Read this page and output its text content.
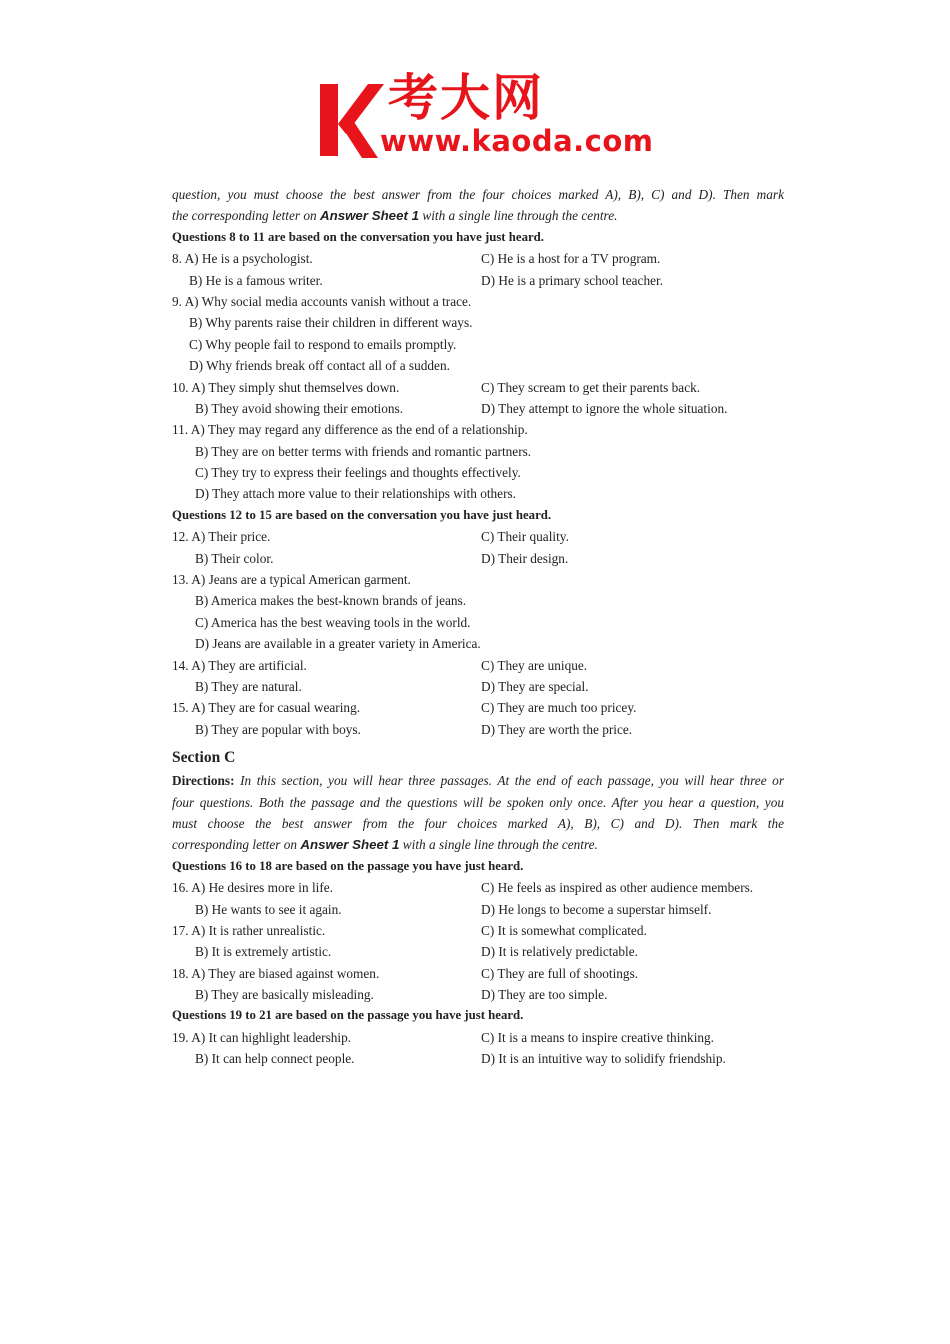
考大网
www.kaoda.com
question, you must choose the best answer from the four choices marked A), B), C) and D). Then mark
the corresponding letter on Answer Sheet 1 with a single line through the centre.
Questions 8 to 11 are based on the conversation you have just heard.
8. A) He is a psychologist.	C) He is a host for a TV program.
B) He is a famous writer.	D) He is a primary school teacher.
9. A) Why social media accounts vanish without a trace.
B) Why parents raise their children in different ways.
C) Why people fail to respond to emails promptly.
D) Why friends break off contact all of a sudden.
10. A) They simply shut themselves down.	C) They scream to get their parents back.
B) They avoid showing their emotions.	D) They attempt to ignore the whole situation.
11. A) They may regard any difference as the end of a relationship.
B) They are on better terms with friends and romantic partners.
C) They try to express their feelings and thoughts effectively.
D) They attach more value to their relationships with others.
Questions 12 to 15 are based on the conversation you have just heard.
12. A) Their price.	C) Their quality.
B) Their color.	D) Their design.
13. A) Jeans are a typical American garment.
B) America makes the best-known brands of jeans.
C) America has the best weaving tools in the world.
D) Jeans are available in a greater variety in America.
14. A) They are artificial.	C) They are unique.
B) They are natural.	D) They are special.
15. A) They are for casual wearing.	C) They are much too pricey.
B) They are popular with boys.	D) They are worth the price.
Section C
Directions: In this section, you will hear three passages. At the end of each passage, you will hear three or
four questions. Both the passage and the questions will be spoken only once. After you hear a question, you
must choose the best answer from the four choices marked A), B), C) and D). Then mark the
corresponding letter on Answer Sheet 1 with a single line through the centre.
Questions 16 to 18 are based on the passage you have just heard.
16. A) He desires more in life.	C) He feels as inspired as other audience members.
B) He wants to see it again.	D) He longs to become a superstar himself.
17. A) It is rather unrealistic.	C) It is somewhat complicated.
B) It is extremely artistic.	D) It is relatively predictable.
18. A) They are biased against women.	C) They are full of shootings.
B) They are basically misleading.	D) They are too simple.
Questions 19 to 21 are based on the passage you have just heard.
19. A) It can highlight leadership.	C) It is a means to inspire creative thinking.
B) It can help connect people.	D) It is an intuitive way to solidify friendship.
